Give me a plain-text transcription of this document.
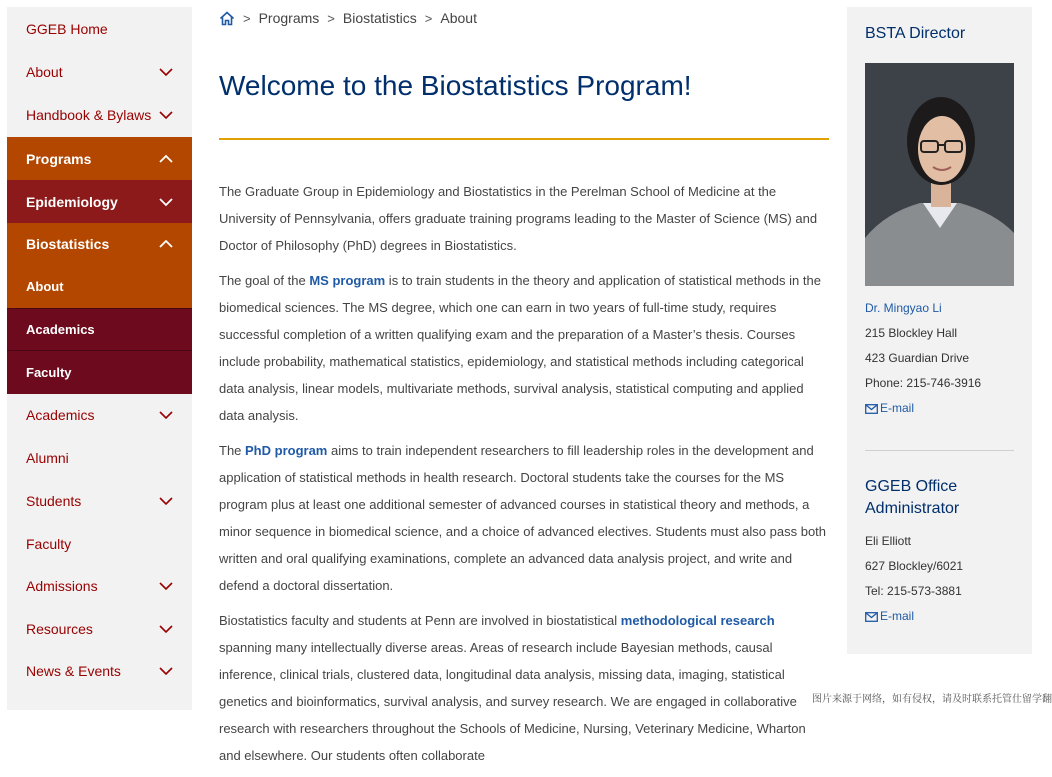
GGEB Home
About
Handbook & Bylaws
Programs
Epidemiology
Biostatistics
About
Academics
Faculty
Academics
Alumni
Students
Faculty
Admissions
Resources
News & Events
> Programs > Biostatistics > About
Welcome to the Biostatistics Program!

The Graduate Group in Epidemiology and Biostatistics in the Perelman School of Medicine at the University of Pennsylvania, offers graduate training programs leading to the Master of Science (MS) and Doctor of Philosophy (PhD) degrees in Biostatistics.

The goal of the MS program is to train students in the theory and application of statistical methods in the biomedical sciences. The MS degree, which one can earn in two years of full-time study, requires successful completion of a written qualifying exam and the preparation of a Master’s thesis. Courses include probability, mathematical statistics, epidemiology, and statistical methods including categorical data analysis, linear models, multivariate methods, survival analysis, statistical computing and applied data analysis.

The PhD program aims to train independent researchers to fill leadership roles in the development and application of statistical methods in health research. Doctoral students take the courses for the MS program plus at least one additional semester of advanced courses in statistical theory and methods, a minor sequence in biomedical science, and a choice of advanced electives. Students must also pass both written and oral qualifying examinations, complete an advanced data analysis project, and write and defend a doctoral dissertation.

Biostatistics faculty and students at Penn are involved in biostatistical methodological research spanning many intellectually diverse areas. Areas of research include Bayesian methods, causal inference, clinical trials, clustered data, longitudinal data analysis, missing data, imaging, statistical genetics and bioinformatics, survival analysis, and survey research. We are engaged in collaborative research with researchers throughout the Schools of Medicine, Nursing, Veterinary Medicine, Wharton and elsewhere. Our students often collaborate

BSTA Director
Dr. Mingyao Li
215 Blockley Hall
423 Guardian Drive
Phone: 215-746-3916
E-mail
GGEB Office Administrator
Eli Elliott
627 Blockley/6021
Tel: 215-573-3881
E-mail
图片来源于网络，如有侵权，请及时联系托管仕留学翻
